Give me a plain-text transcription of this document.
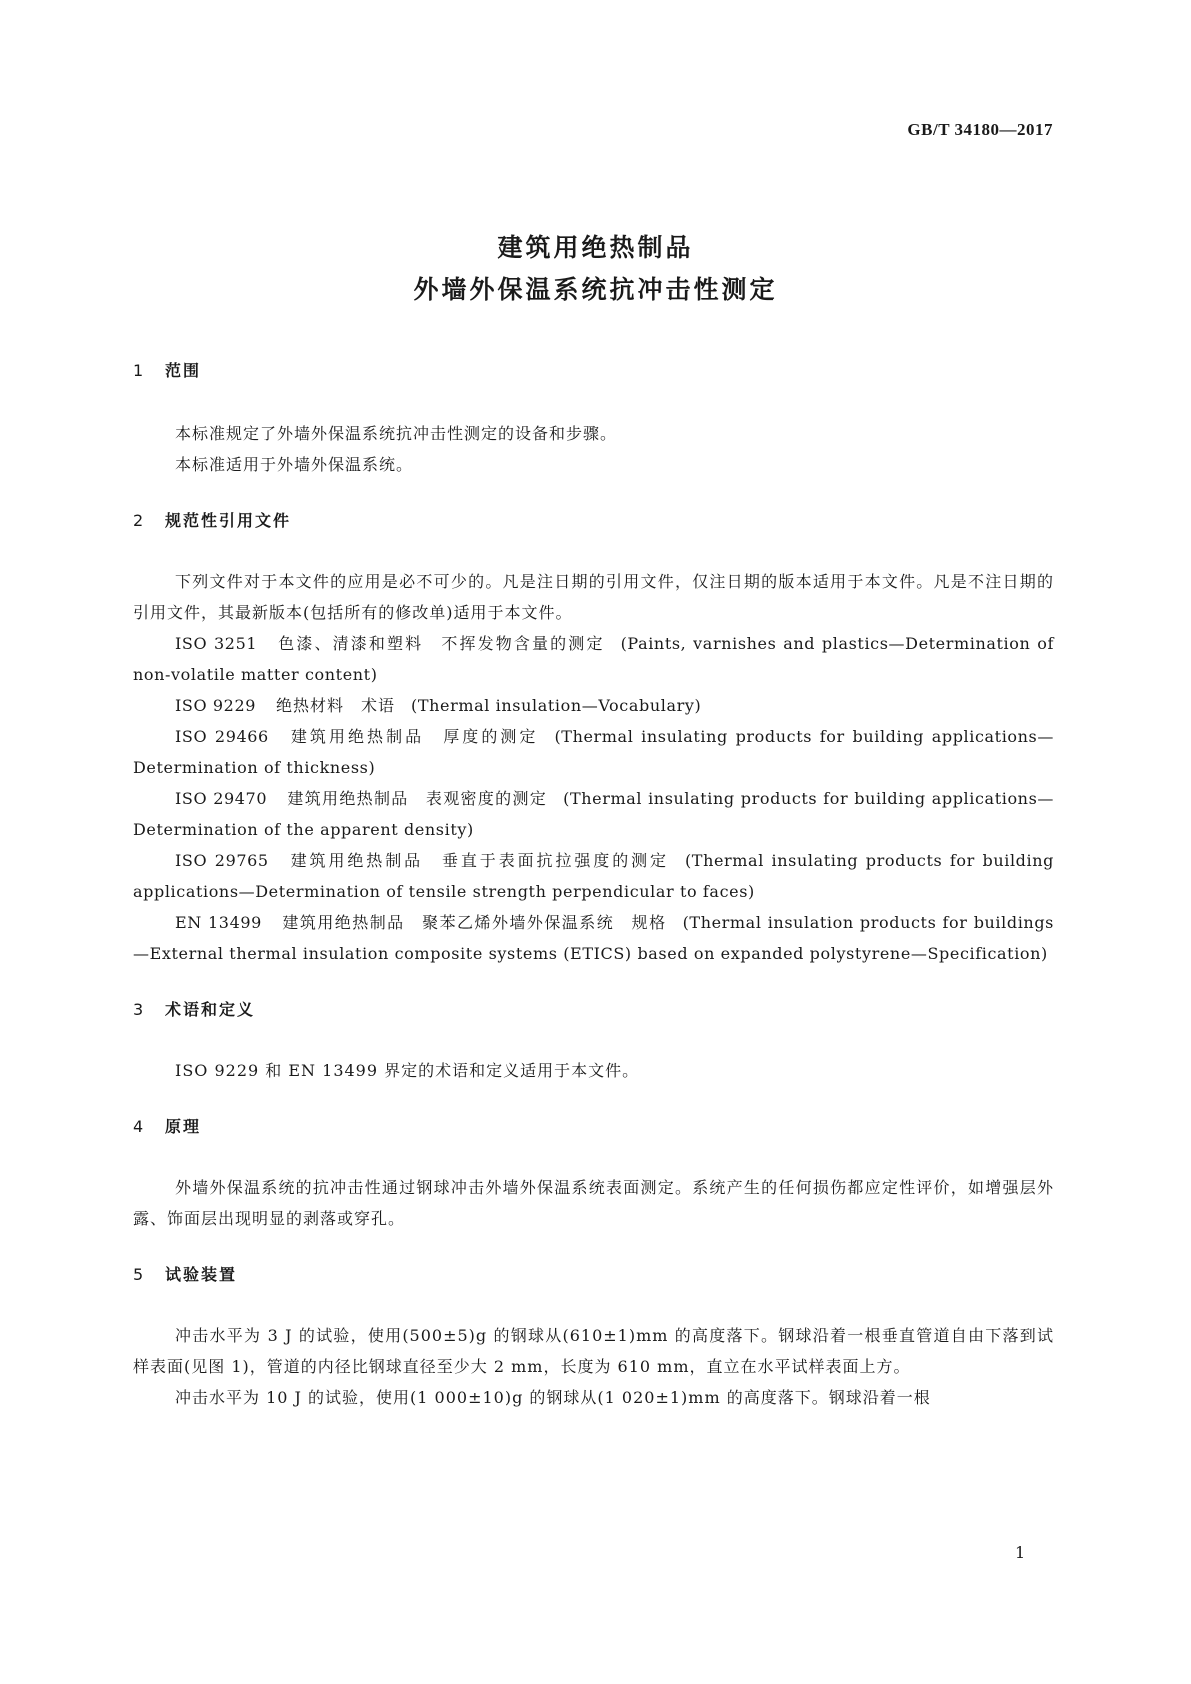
GB/T 34180—2017
建筑用绝热制品
外墙外保温系统抗冲击性测定
1 范围
本标准规定了外墙外保温系统抗冲击性测定的设备和步骤。
本标准适用于外墙外保温系统。
2 规范性引用文件
下列文件对于本文件的应用是必不可少的。凡是注日期的引用文件，仅注日期的版本适用于本文件。凡是不注日期的引用文件，其最新版本(包括所有的修改单)适用于本文件。
ISO 3251 色漆、清漆和塑料　不挥发物含量的测定 (Paints, varnishes and plastics—Determination of non-volatile matter content)
ISO 9229 绝热材料　术语 (Thermal insulation—Vocabulary)
ISO 29466 建筑用绝热制品　厚度的测定 (Thermal insulating products for building applications—Determination of thickness)
ISO 29470 建筑用绝热制品　表观密度的测定 (Thermal insulating products for building applications—Determination of the apparent density)
ISO 29765 建筑用绝热制品　垂直于表面抗拉强度的测定 (Thermal insulating products for building applications—Determination of tensile strength perpendicular to faces)
EN 13499 建筑用绝热制品　聚苯乙烯外墙外保温系统　规格 (Thermal insulation products for buildings—External thermal insulation composite systems (ETICS) based on expanded polystyrene—Specification)
3 术语和定义
ISO 9229 和 EN 13499 界定的术语和定义适用于本文件。
4 原理
外墙外保温系统的抗冲击性通过钢球冲击外墙外保温系统表面测定。系统产生的任何损伤都应定性评价，如增强层外露、饰面层出现明显的剥落或穿孔。
5 试验装置
冲击水平为 3 J 的试验，使用(500±5)g 的钢球从(610±1)mm 的高度落下。钢球沿着一根垂直管道自由下落到试样表面(见图 1)，管道的内径比钢球直径至少大 2 mm，长度为 610 mm，直立在水平试样表面上方。
冲击水平为 10 J 的试验，使用(1 000±10)g 的钢球从(1 020±1)mm 的高度落下。钢球沿着一根
1
